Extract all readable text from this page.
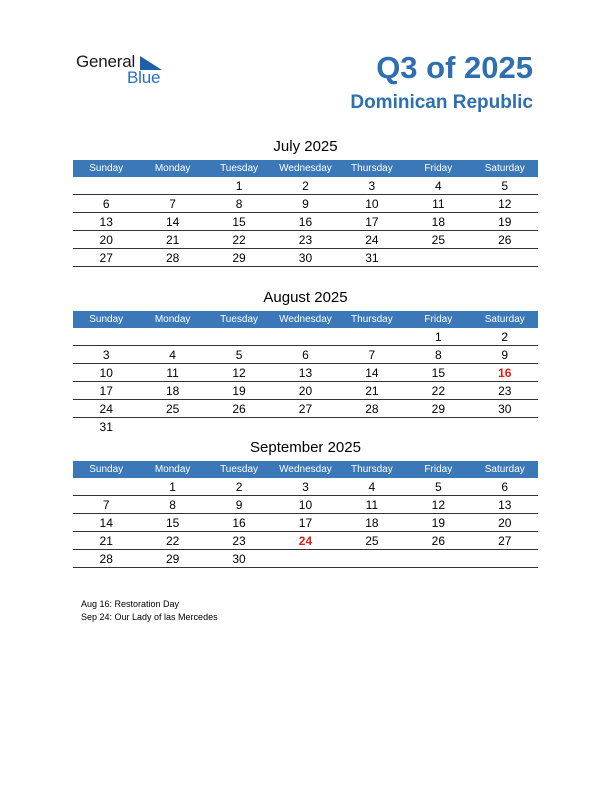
General
Blue	Q3 of 2025
Dominican Republic
July 2025
Sunday	Monday	Tuesday	Wednesday	Thursday	Friday	Saturday
		1	2	3	4	5
6	7	8	9	10	11	12
13	14	15	16	17	18	19
20	21	22	23	24	25	26
27	28	29	30	31		
August 2025
Sunday	Monday	Tuesday	Wednesday	Thursday	Friday	Saturday
					1	2
3	4	5	6	7	8	9
10	11	12	13	14	15	16
17	18	19	20	21	22	23
24	25	26	27	28	29	30
31						
September 2025
Sunday	Monday	Tuesday	Wednesday	Thursday	Friday	Saturday
	1	2	3	4	5	6
7	8	9	10	11	12	13
14	15	16	17	18	19	20
21	22	23	24	25	26	27
28	29	30				
Aug 16: Restoration Day
Sep 24: Our Lady of las Mercedes
